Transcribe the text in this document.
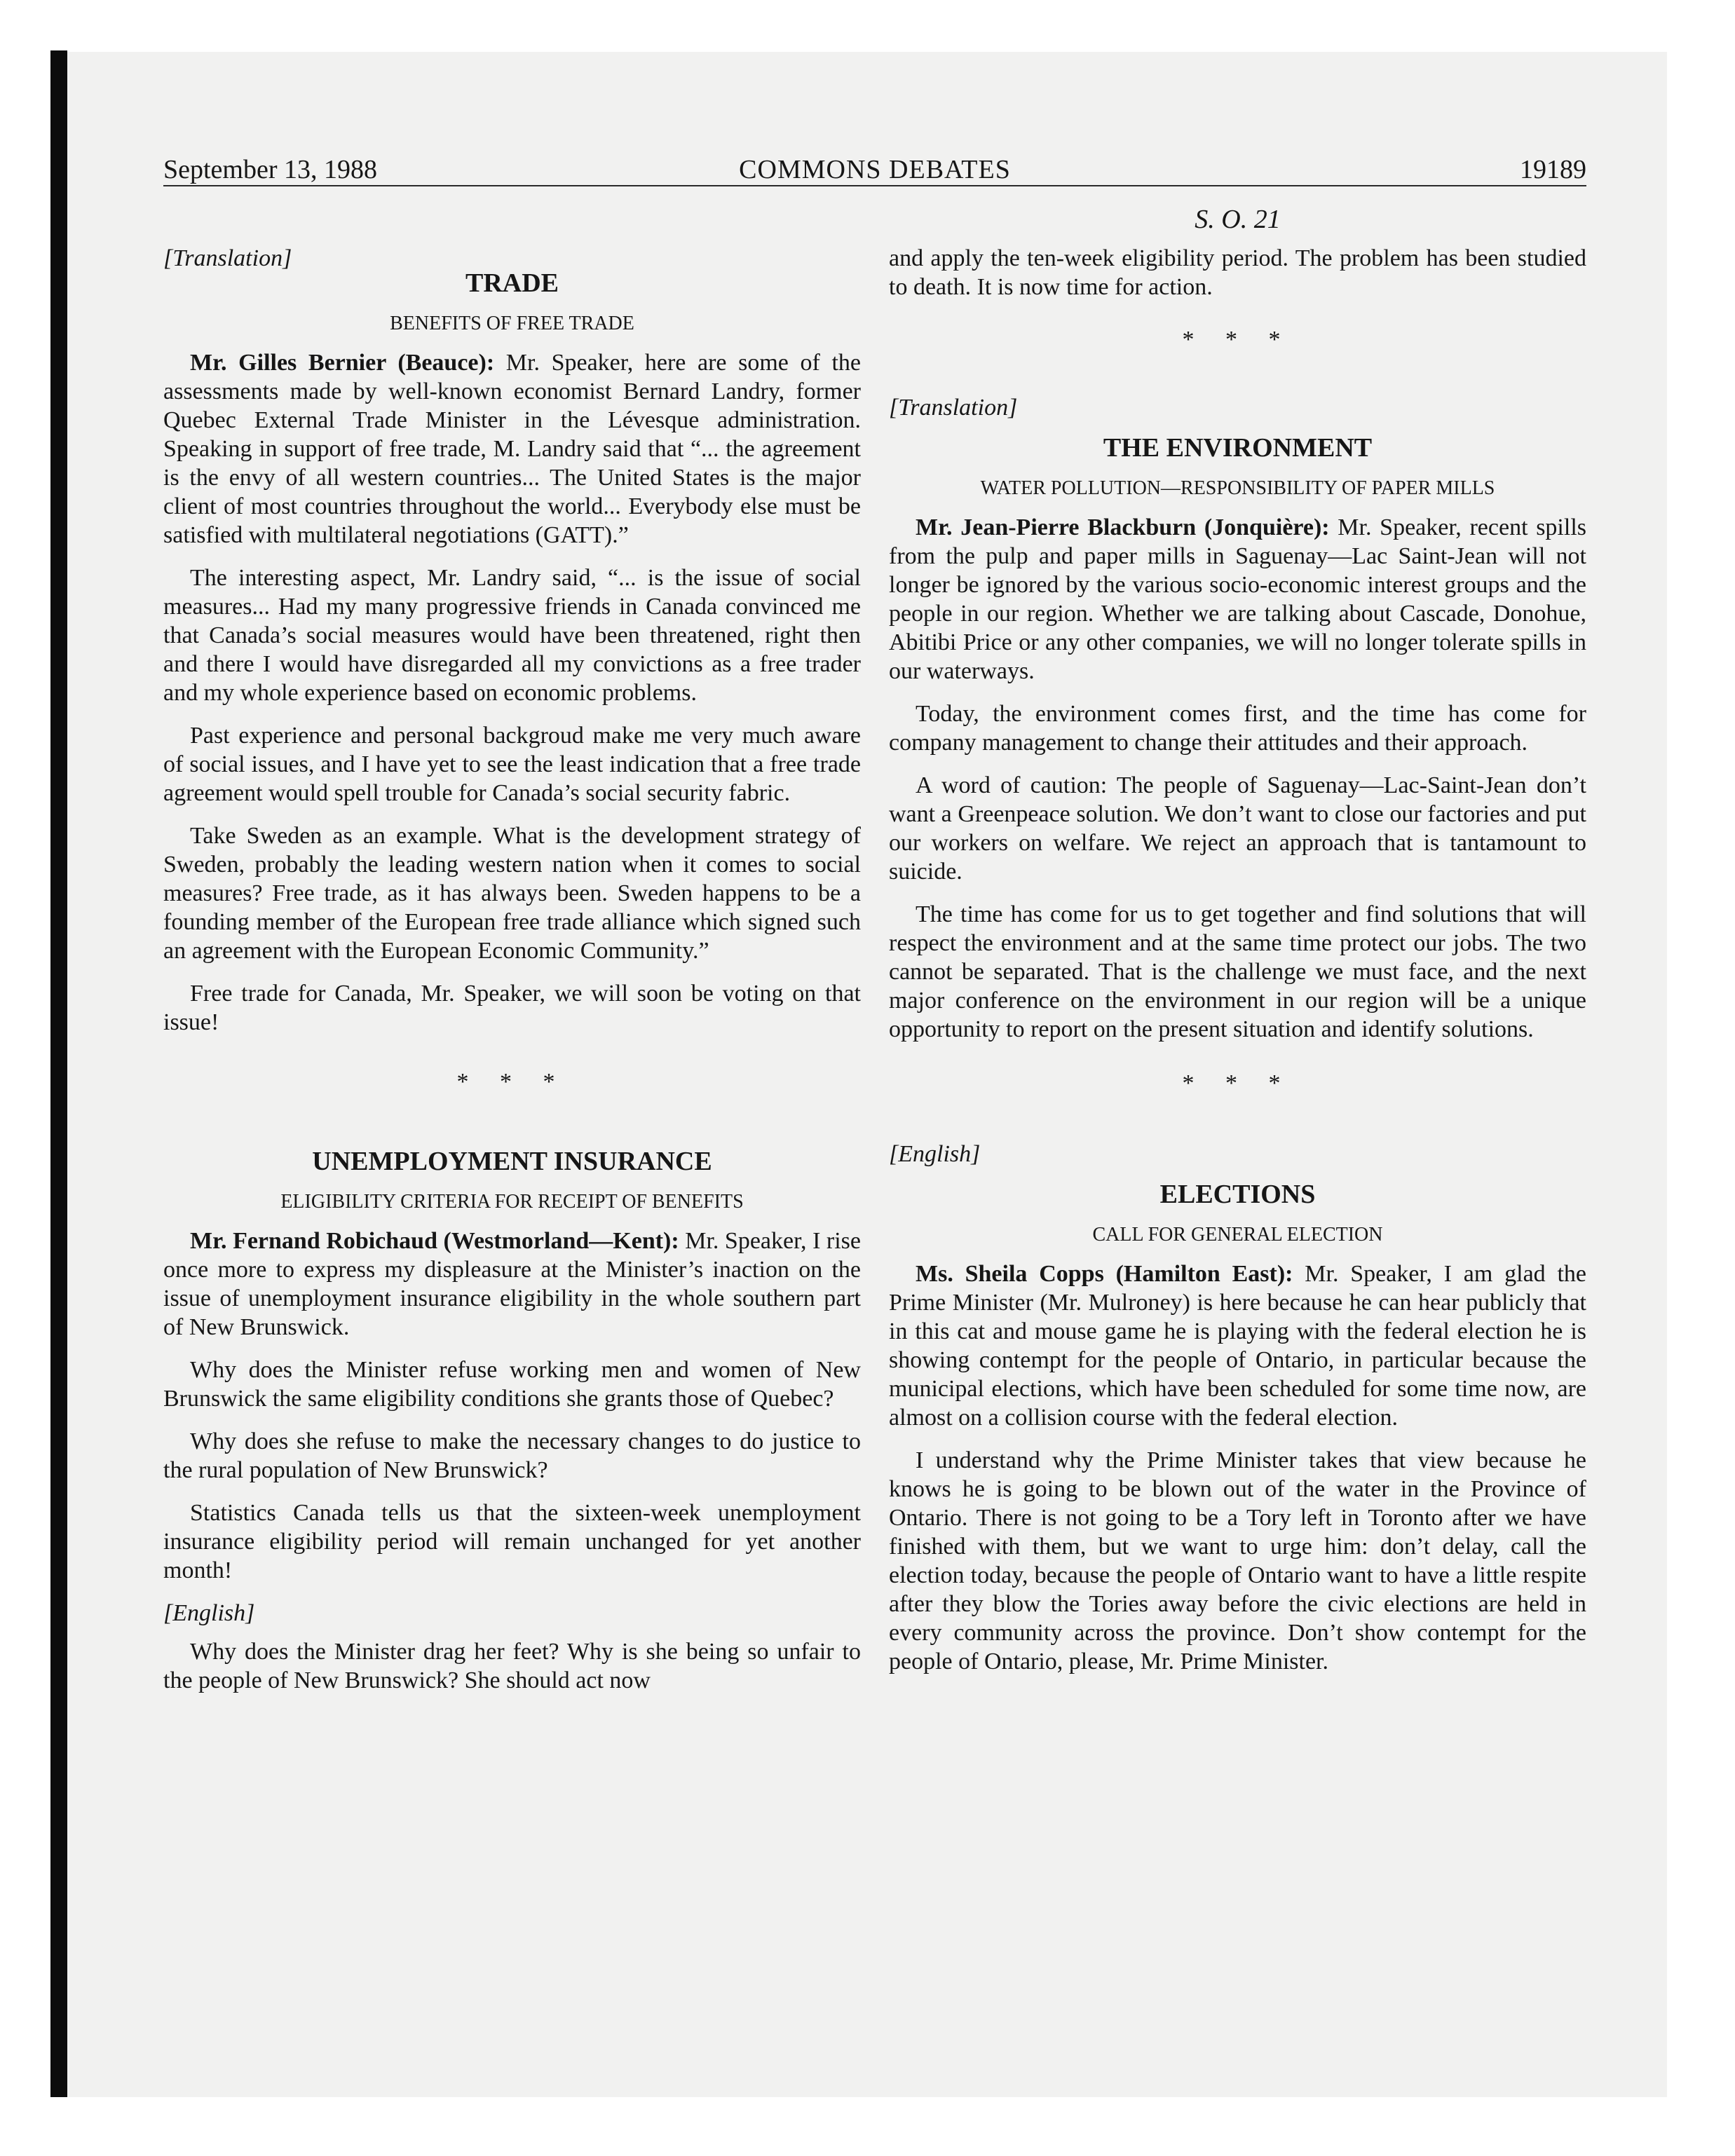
September 13, 1988	COMMONS DEBATES	19189
S. O. 21
[Translation]
TRADE
BENEFITS OF FREE TRADE

Mr. Gilles Bernier (Beauce): Mr. Speaker, here are some of the assessments made by well-known economist Bernard Landry, former Quebec External Trade Minister in the Lévesque administration. Speaking in support of free trade, M. Landry said that “... the agreement is the envy of all western countries... The United States is the major client of most countries throughout the world... Everybody else must be satisfied with multilateral negotiations (GATT).”

The interesting aspect, Mr. Landry said, “... is the issue of social measures... Had my many progressive friends in Canada convinced me that Canada’s social measures would have been threatened, right then and there I would have disregarded all my convictions as a free trader and my whole experience based on economic problems.

Past experience and personal backgroud make me very much aware of social issues, and I have yet to see the least indication that a free trade agreement would spell trouble for Canada’s social security fabric.

Take Sweden as an example. What is the development strategy of Sweden, probably the leading western nation when it comes to social measures? Free trade, as it has always been. Sweden happens to be a founding member of the European free trade alliance which signed such an agreement with the European Economic Community.”

Free trade for Canada, Mr. Speaker, we will soon be voting on that issue!

* * *
UNEMPLOYMENT INSURANCE
ELIGIBILITY CRITERIA FOR RECEIPT OF BENEFITS

Mr. Fernand Robichaud (Westmorland—Kent): Mr. Speaker, I rise once more to express my displeasure at the Minister’s inaction on the issue of unemployment insurance eligibility in the whole southern part of New Brunswick.

Why does the Minister refuse working men and women of New Brunswick the same eligibility conditions she grants those of Quebec?

Why does she refuse to make the necessary changes to do justice to the rural population of New Brunswick?

Statistics Canada tells us that the sixteen-week unemployment insurance eligibility period will remain unchanged for yet another month!

[English]

Why does the Minister drag her feet? Why is she being so unfair to the people of New Brunswick? She should act now

and apply the ten-week eligibility period. The problem has been studied to death. It is now time for action.

* * *
[Translation]
THE ENVIRONMENT
WATER POLLUTION—RESPONSIBILITY OF PAPER MILLS

Mr. Jean-Pierre Blackburn (Jonquière): Mr. Speaker, recent spills from the pulp and paper mills in Saguenay—Lac Saint-Jean will not longer be ignored by the various socio-economic interest groups and the people in our region. Whether we are talking about Cascade, Donohue, Abitibi Price or any other companies, we will no longer tolerate spills in our waterways.

Today, the environment comes first, and the time has come for company management to change their attitudes and their approach.

A word of caution: The people of Saguenay—Lac-Saint-Jean don’t want a Greenpeace solution. We don’t want to close our factories and put our workers on welfare. We reject an approach that is tantamount to suicide.

The time has come for us to get together and find solutions that will respect the environment and at the same time protect our jobs. The two cannot be separated. That is the challenge we must face, and the next major conference on the environment in our region will be a unique opportunity to report on the present situation and identify solutions.

* * *
[English]
ELECTIONS
CALL FOR GENERAL ELECTION

Ms. Sheila Copps (Hamilton East): Mr. Speaker, I am glad the Prime Minister (Mr. Mulroney) is here because he can hear publicly that in this cat and mouse game he is playing with the federal election he is showing contempt for the people of Ontario, in particular because the municipal elections, which have been scheduled for some time now, are almost on a collision course with the federal election.

I understand why the Prime Minister takes that view because he knows he is going to be blown out of the water in the Province of Ontario. There is not going to be a Tory left in Toronto after we have finished with them, but we want to urge him: don’t delay, call the election today, because the people of Ontario want to have a little respite after they blow the Tories away before the civic elections are held in every community across the province. Don’t show contempt for the people of Ontario, please, Mr. Prime Minister.
